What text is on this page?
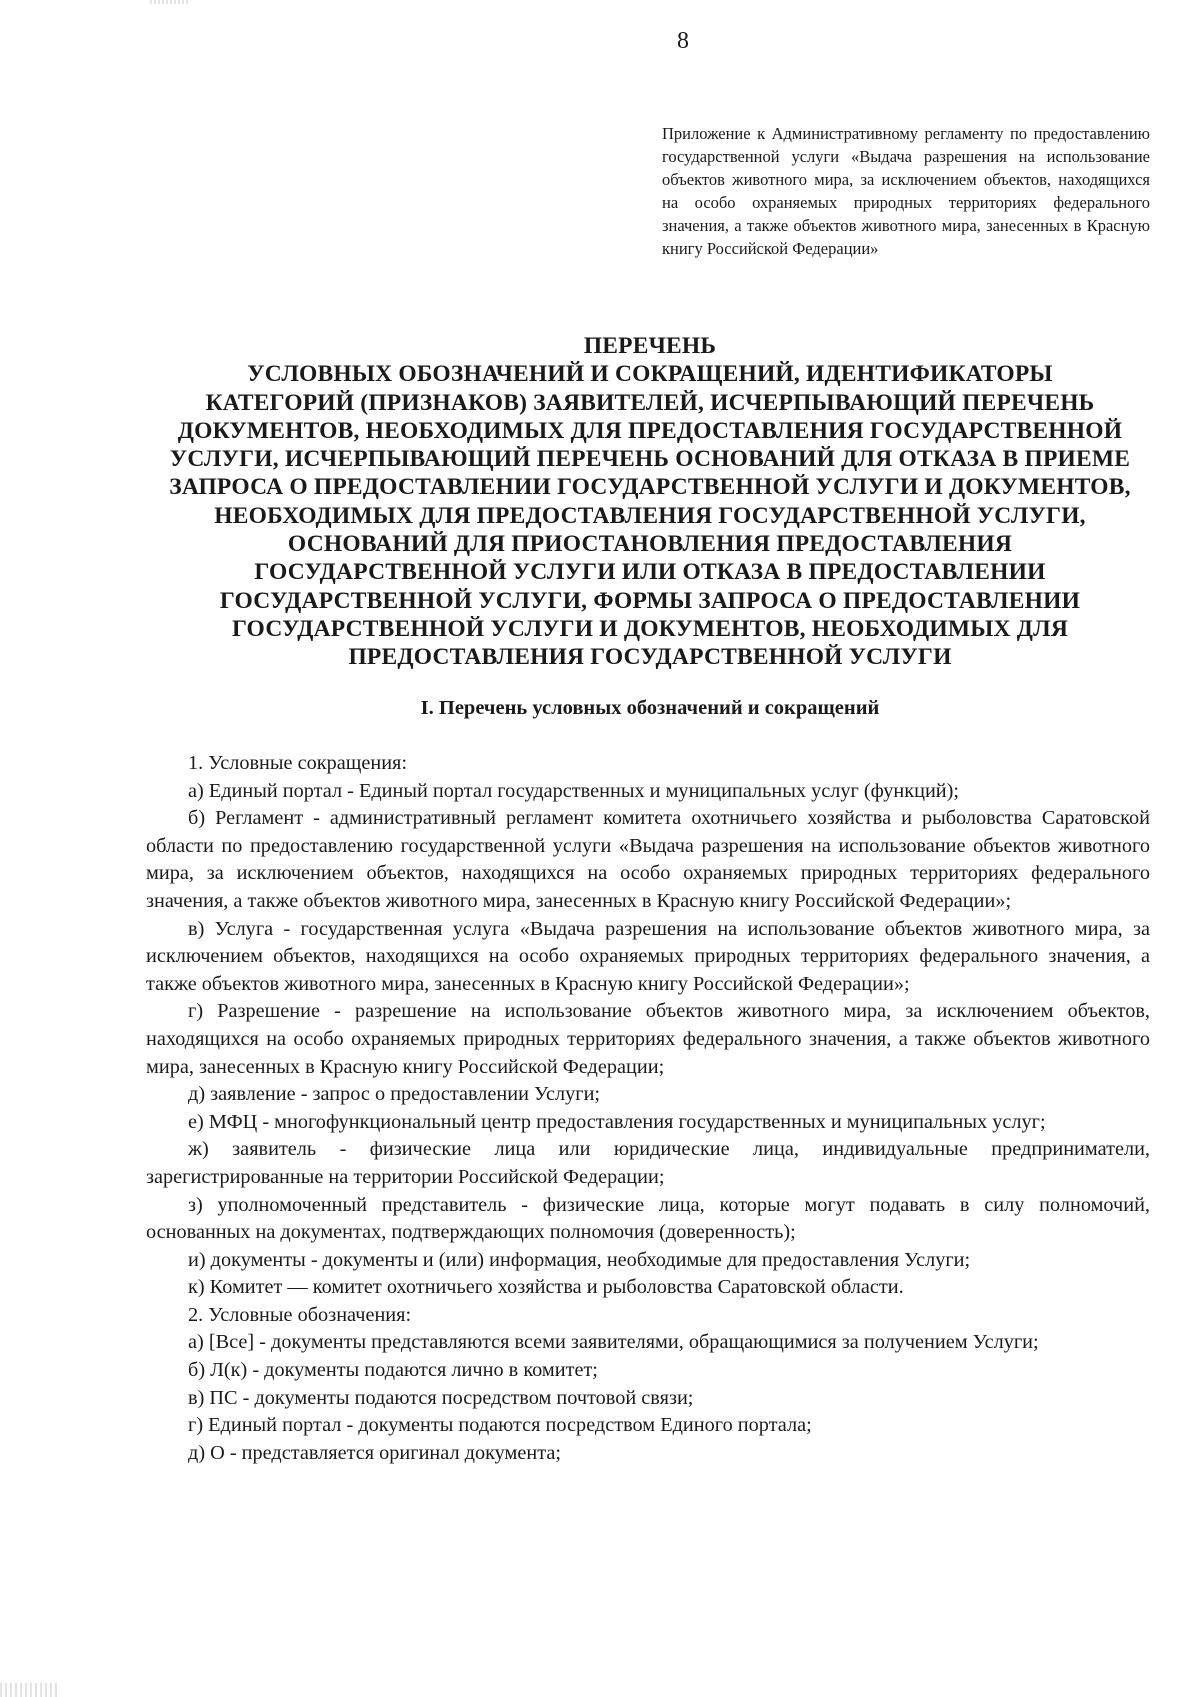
8
Приложение к Административному регламенту по предоставлению государственной услуги «Выдача разрешения на использование объектов животного мира, за исключением объектов, находящихся на особо охраняемых природных территориях федерального значения, а также объектов животного мира, занесенных в Красную книгу Российской Федерации»
ПЕРЕЧЕНЬ
УСЛОВНЫХ ОБОЗНАЧЕНИЙ И СОКРАЩЕНИЙ, ИДЕНТИФИКАТОРЫ
КАТЕГОРИЙ (ПРИЗНАКОВ) ЗАЯВИТЕЛЕЙ, ИСЧЕРПЫВАЮЩИЙ ПЕРЕЧЕНЬ
ДОКУМЕНТОВ, НЕОБХОДИМЫХ ДЛЯ ПРЕДОСТАВЛЕНИЯ ГОСУДАРСТВЕННОЙ
УСЛУГИ, ИСЧЕРПЫВАЮЩИЙ ПЕРЕЧЕНЬ ОСНОВАНИЙ ДЛЯ ОТКАЗА В ПРИЕМЕ
ЗАПРОСА О ПРЕДОСТАВЛЕНИИ ГОСУДАРСТВЕННОЙ УСЛУГИ И ДОКУМЕНТОВ,
НЕОБХОДИМЫХ ДЛЯ ПРЕДОСТАВЛЕНИЯ ГОСУДАРСТВЕННОЙ УСЛУГИ,
ОСНОВАНИЙ ДЛЯ ПРИОСТАНОВЛЕНИЯ ПРЕДОСТАВЛЕНИЯ
ГОСУДАРСТВЕННОЙ УСЛУГИ ИЛИ ОТКАЗА В ПРЕДОСТАВЛЕНИИ
ГОСУДАРСТВЕННОЙ УСЛУГИ, ФОРМЫ ЗАПРОСА О ПРЕДОСТАВЛЕНИИ
ГОСУДАРСТВЕННОЙ УСЛУГИ И ДОКУМЕНТОВ, НЕОБХОДИМЫХ ДЛЯ
ПРЕДОСТАВЛЕНИЯ ГОСУДАРСТВЕННОЙ УСЛУГИ
I. Перечень условных обозначений и сокращений

1. Условные сокращения:

а) Единый портал - Единый портал государственных и муниципальных услуг (функций);

б) Регламент - административный регламент комитета охотничьего хозяйства и рыболовства Саратовской области по предоставлению государственной услуги «Выдача разрешения на использование объектов животного мира, за исключением объектов, находящихся на особо охраняемых природных территориях федерального значения, а также объектов животного мира, занесенных в Красную книгу Российской Федерации»;

в) Услуга - государственная услуга «Выдача разрешения на использование объектов животного мира, за исключением объектов, находящихся на особо охраняемых природных территориях федерального значения, а также объектов животного мира, занесенных в Красную книгу Российской Федерации»;

г) Разрешение - разрешение на использование объектов животного мира, за исключением объектов, находящихся на особо охраняемых природных территориях федерального значения, а также объектов животного мира, занесенных в Красную книгу Российской Федерации;

д) заявление - запрос о предоставлении Услуги;

е) МФЦ - многофункциональный центр предоставления государственных и муниципальных услуг;

ж) заявитель - физические лица или юридические лица, индивидуальные предприниматели, зарегистрированные на территории Российской Федерации;

з) уполномоченный представитель - физические лица, которые могут подавать в силу полномочий, основанных на документах, подтверждающих полномочия (доверенность);

и) документы - документы и (или) информация, необходимые для предоставления Услуги;

к) Комитет — комитет охотничьего хозяйства и рыболовства Саратовской области.

2. Условные обозначения:

а) [Все] - документы представляются всеми заявителями, обращающимися за получением Услуги;

б) Л(к) - документы подаются лично в комитет;

в) ПС - документы подаются посредством почтовой связи;

г) Единый портал - документы подаются посредством Единого портала;

д) О - представляется оригинал документа;
